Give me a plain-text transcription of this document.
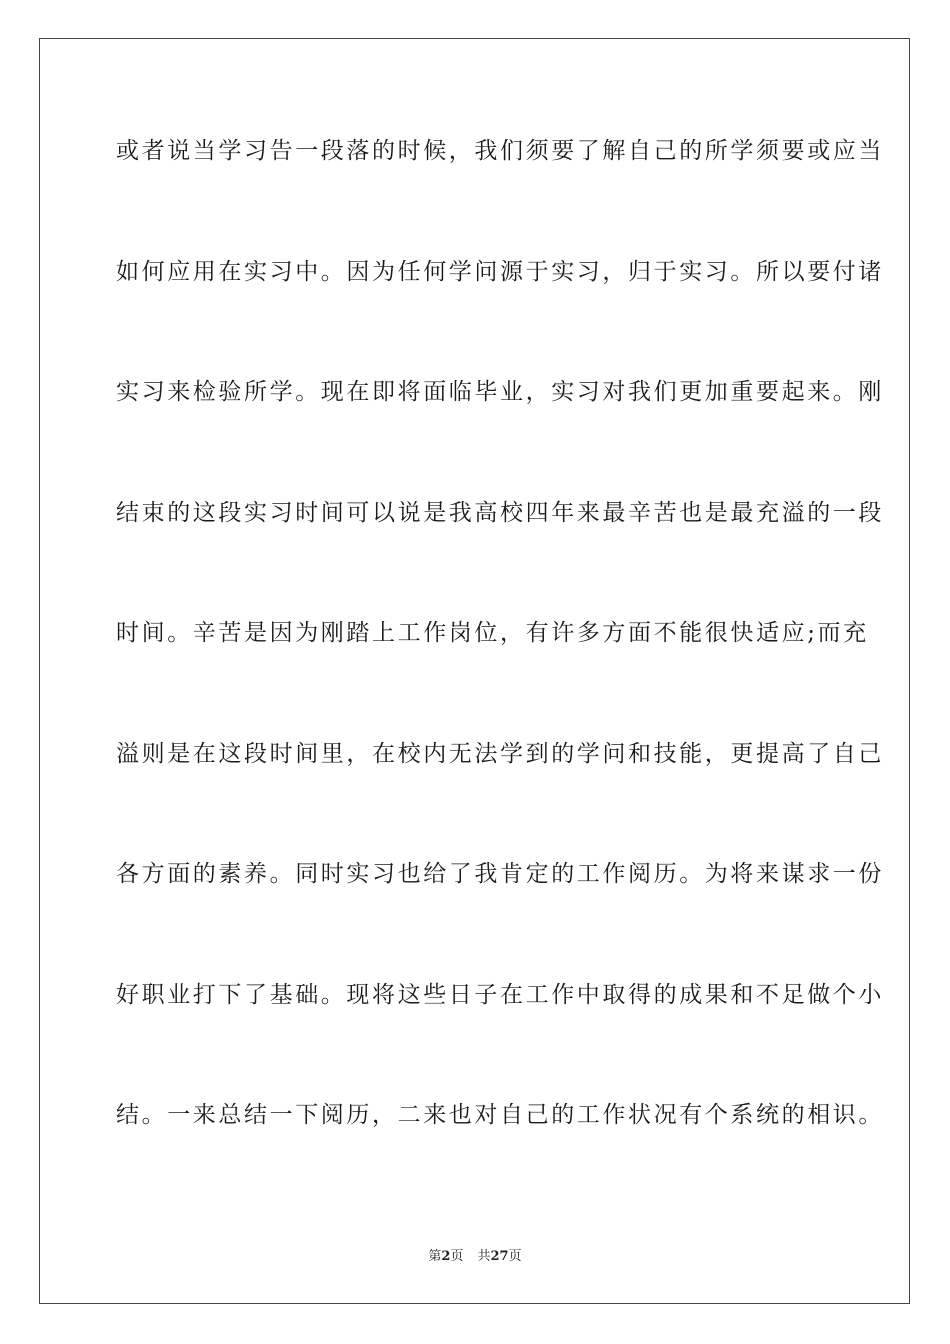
或者说当学习告一段落的时候，我们须要了解自己的所学须要或应当
如何应用在实习中。因为任何学问源于实习，归于实习。所以要付诸
实习来检验所学。现在即将面临毕业，实习对我们更加重要起来。刚
结束的这段实习时间可以说是我高校四年来最辛苦也是最充溢的一段
时间。辛苦是因为刚踏上工作岗位，有许多方面不能很快适应;而充
溢则是在这段时间里，在校内无法学到的学问和技能，更提高了自己
各方面的素养。同时实习也给了我肯定的工作阅历。为将来谋求一份
好职业打下了基础。现将这些日子在工作中取得的成果和不足做个小
结。一来总结一下阅历，二来也对自己的工作状况有个系统的相识。
第2页 共27页
